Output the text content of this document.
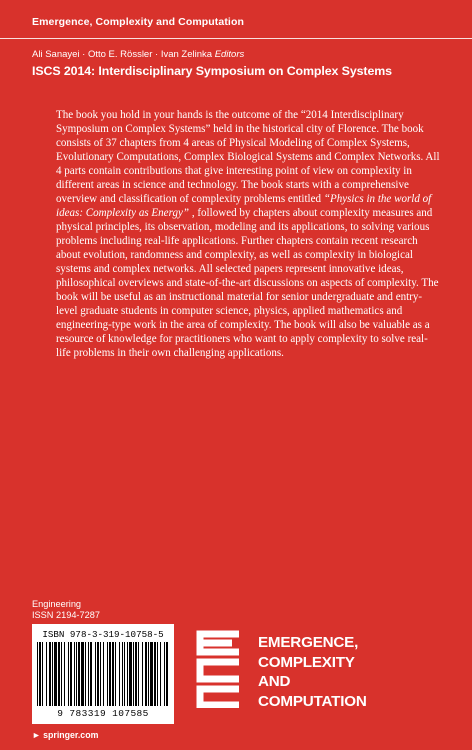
Emergence, Complexity and Computation
Ali Sanayei · Otto E. Rössler · Ivan Zelinka Editors
ISCS 2014: Interdisciplinary Symposium on Complex Systems

The book you hold in your hands is the outcome of the “2014 Interdisciplinary Symposium on Complex Systems” held in the historical city of Florence. The book consists of 37 chapters from 4 areas of Physical Modeling of Complex Systems, Evolutionary Computations, Complex Biological Systems and Complex Networks. All 4 parts contain contributions that give interesting point of view on complexity in different areas in science and technology. The book starts with a comprehensive overview and classification of complexity problems entitled “Physics in the world of ideas: Complexity as Energy” , followed by chapters about complexity measures and physical principles, its observation, modeling and its applications, to solving various problems including real-life applications. Further chapters contain recent research about evolution, randomness and complexity, as well as complexity in biological systems and complex networks. All selected papers represent innovative ideas, philosophical overviews and state-of-the-art discussions on aspects of complexity. The book will be useful as an instructional material for senior undergraduate and entry-level graduate students in computer science, physics, applied mathematics and engineering-type work in the area of complexity. The book will also be valuable as a resource of knowledge for practitioners who want to apply complexity to solve real-life problems in their own challenging applications.

Engineering
ISSN 2194-7287
ISBN 978-3-319-10758-5
9 783319 107585
► springer.com
EMERGENCE,
COMPLEXITY
AND
COMPUTATION
